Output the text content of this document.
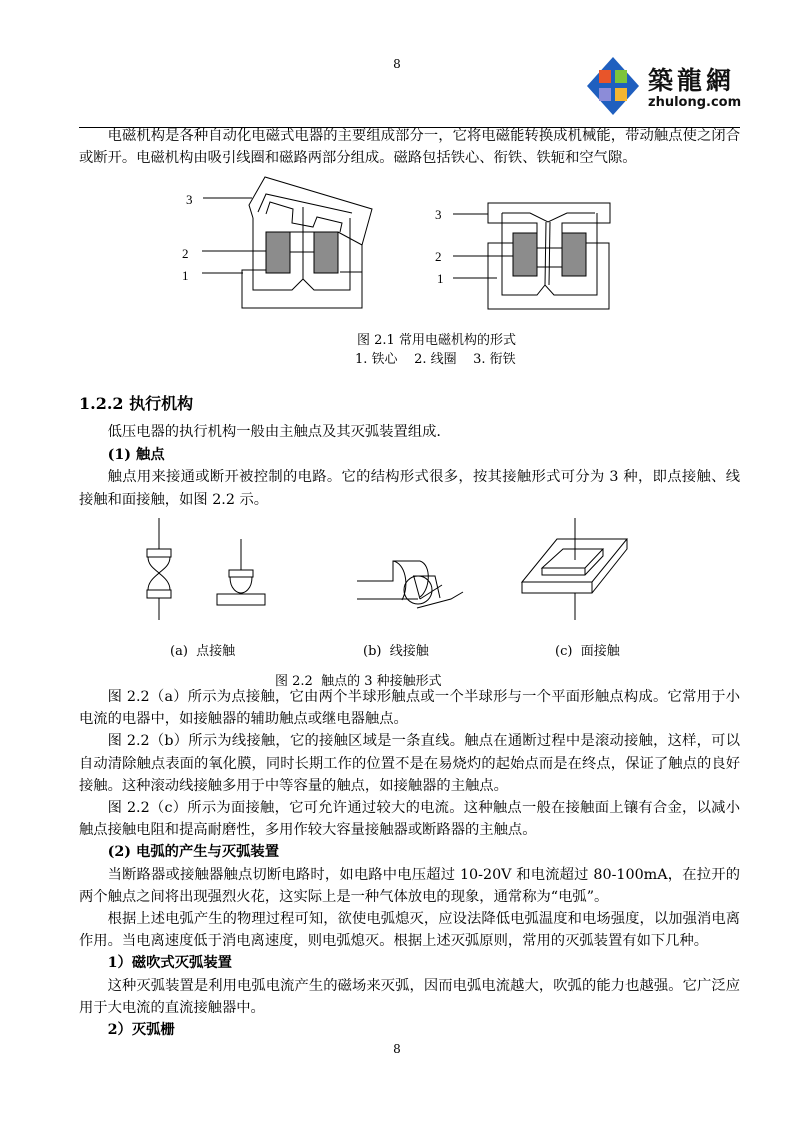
8
築龍網
zhulong.com

电磁机构是各种自动化电磁式电器的主要组成部分一，它将电磁能转换成机械能，带动触点使之闭合或断开。电磁机构由吸引线圈和磁路两部分组成。磁路包括铁心、衔铁、铁轭和空气隙。

3
2
1
3
2
1
图 2.1 常用电磁机构的形式
1. 铁心    2. 线圈    3. 衔铁
1.2.2 执行机构

低压电器的执行机构一般由主触点及其灭弧装置组成.

(1) 触点

触点用来接通或断开被控制的电路。它的结构形式很多，按其接触形式可分为 3 种，即点接触、线接触和面接触，如图 2.2 示。

(a)  点接触	(b)  线接触	(c)  面接触
图 2.2  触点的 3 种接触形式

图 2.2（a）所示为点接触，它由两个半球形触点或一个半球形与一个平面形触点构成。它常用于小电流的电器中，如接触器的辅助触点或继电器触点。

图 2.2（b）所示为线接触，它的接触区域是一条直线。触点在通断过程中是滚动接触，这样，可以自动清除触点表面的氧化膜，同时长期工作的位置不是在易烧灼的起始点而是在终点，保证了触点的良好接触。这种滚动线接触多用于中等容量的触点，如接触器的主触点。

图 2.2（c）所示为面接触，它可允许通过较大的电流。这种触点一般在接触面上镶有合金，以减小触点接触电阻和提高耐磨性，多用作较大容量接触器或断路器的主触点。

(2) 电弧的产生与灭弧装置

当断路器或接触器触点切断电路时，如电路中电压超过 10-20V 和电流超过 80-100mA，在拉开的两个触点之间将出现强烈火花，这实际上是一种气体放电的现象，通常称为“电弧”。

根据上述电弧产生的物理过程可知，欲使电弧熄灭，应设法降低电弧温度和电场强度，以加强消电离作用。当电离速度低于消电离速度，则电弧熄灭。根据上述灭弧原则，常用的灭弧装置有如下几种。

1）磁吹式灭弧装置

这种灭弧装置是利用电弧电流产生的磁场来灭弧，因而电弧电流越大，吹弧的能力也越强。它广泛应用于大电流的直流接触器中。

2）灭弧栅

8
